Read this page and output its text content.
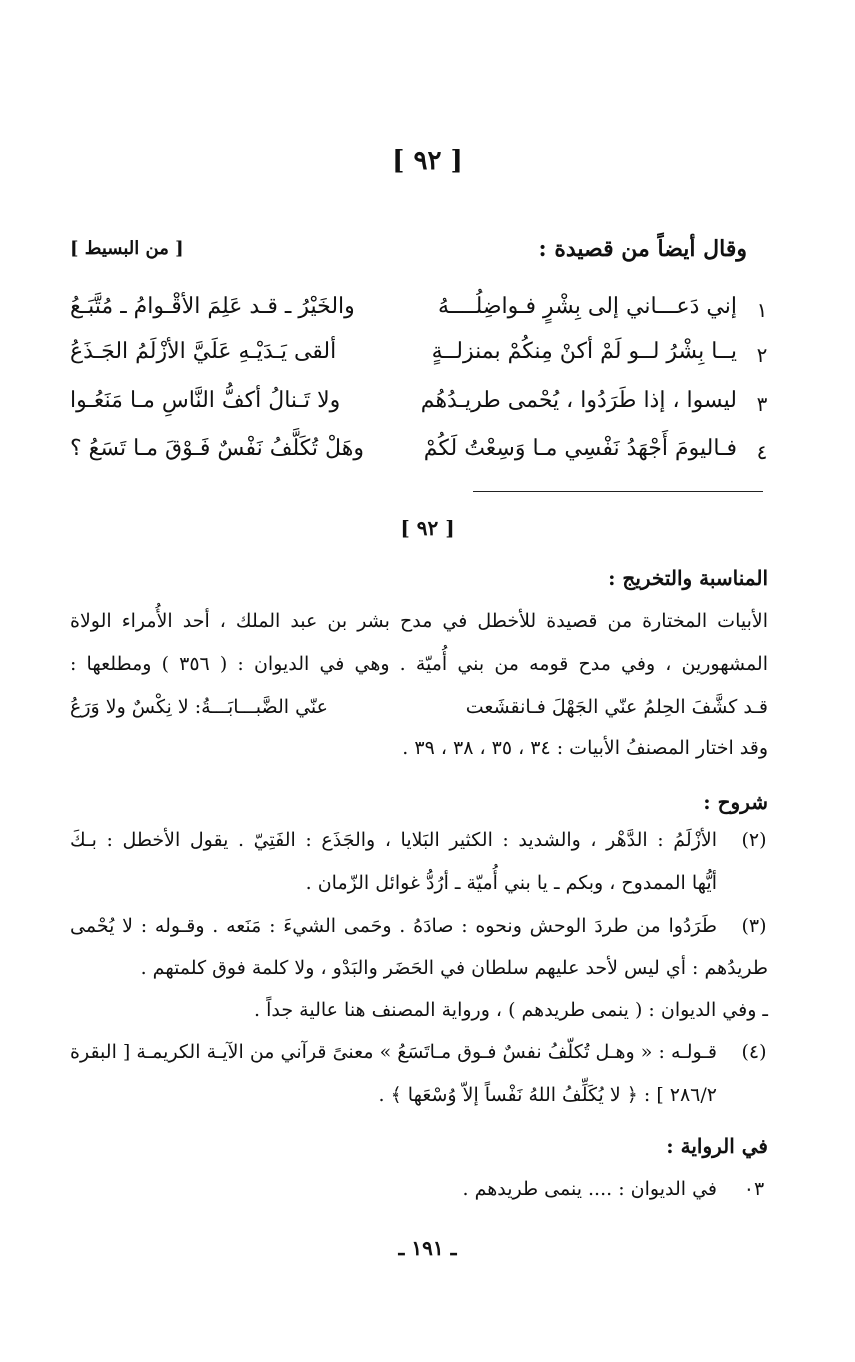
[ ٩٢ ]
وقال أيضاً من قصيدة :
[ من البسيط ]
١
إني دَعـــاني إلى بِشْرٍ فـواضِلُــــهُ
والخَيْرُ ـ قـد عَلِمَ الأقْـوامُ ـ مُتَّبَـعُ
٢
يــا بِشْرُ لــو لَمْ أكنْ مِنكُمْ بمنزلــةٍ
ألقى يَـدَيْـهِ عَلَيَّ الأزْلَمُ الجَـذَعُ
٣
ليسوا ، إذا طَرَدُوا ، يُحْمى طريـدُهُم
ولا تَـنالُ أكفُّ النَّاسِ مـا مَنَعُـوا
٤
فـاليومَ أَجْهَدُ نَفْسِي مـا وَسِعْتُ لَكُمْ
وهَلْ تُكَلَّفُ نَفْسٌ فَـوْقَ مـا تَسَعُ ؟
[ ٩٢ ]
المناسبة والتخريج :
الأبيات المختارة من قصيدة للأخطل في مدح بشر بن عبد الملك ، أحد الأُمراء الولاة
المشهورين ، وفي مدح قومه من بني أُميّة . وهي في الديوان : ( ٣٥٦ ) ومطلعها :
قـد كشَّفَ الحِلمُ عنّي الجَهْلَ فـانقشَعت
عنّي الضَّبـــابَـــةُ: لا نِكْسٌ ولا وَرَعُ
وقد اختار المصنفُ الأبيات : ٣٤ ، ٣٥ ، ٣٨ ، ٣٩ .
شروح :
(٢)
الأزْلَمُ : الدَّهْر ، والشديد : الكثير البَلايا ، والجَذَع : الفَتِيّ . يقول الأخطل : بـكَ
أيُّها الممدوح ، وبكم ـ يا بني أُميّة ـ أرُدُّ غوائل الزّمان .
(٣)
طَرَدُوا من طردَ الوحش ونحوه : صادَهُ . وحَمى الشيءَ : مَنَعه . وقـوله : لا يُحْمى
طريدُهم : أي ليس لأحد عليهم سلطان في الحَضَر والبَدْو ، ولا كلمة فوق كلمتهم .
ـ وفي الديوان : ( ينمى طريدهم ) ، ورواية المصنف هنا عالية جداً .
(٤)
قـولـه : « وهـل تُكلّفُ نفسٌ فـوق مـاتَسَعُ » معنىً قرآني من الآيـة الكريمـة [ البقرة
٢٨٦/٢ ] : ﴿ لا يُكَلِّفُ اللهُ نَفْساً إلاّ وُسْعَها ﴾ .
في الرواية :
٠٣
في الديوان : .... ينمى طريدهم .
ـ ١٩١ ـ
